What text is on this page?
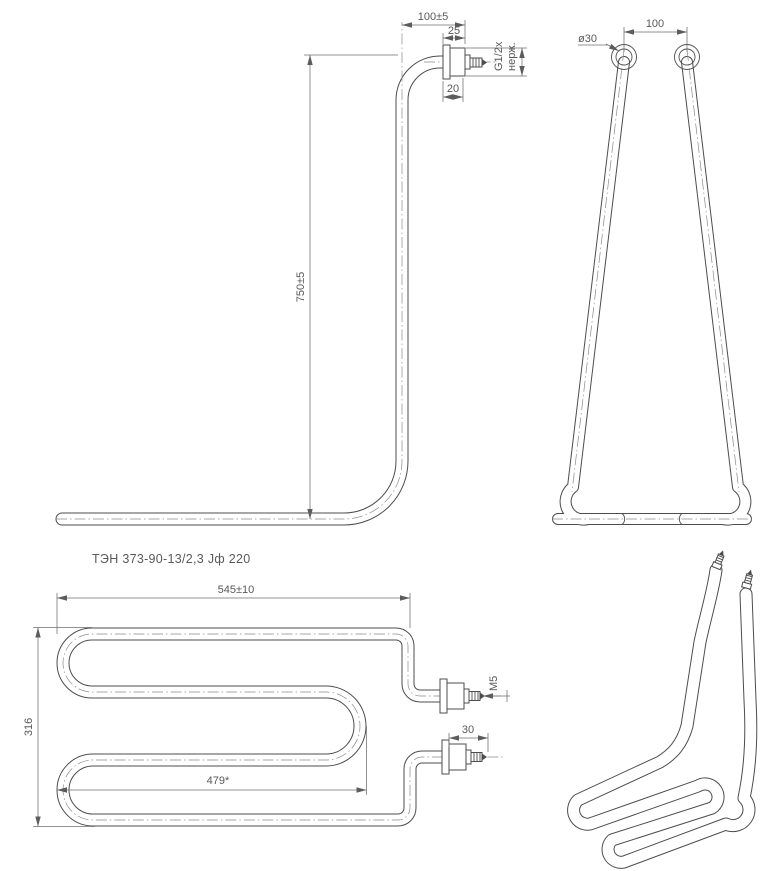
100±5
25
G1/2x нерж.
20
750±5
100
ø30
545±10
316
479*
M5
30
ТЭН 373-90-13/2,3 Jф 220
